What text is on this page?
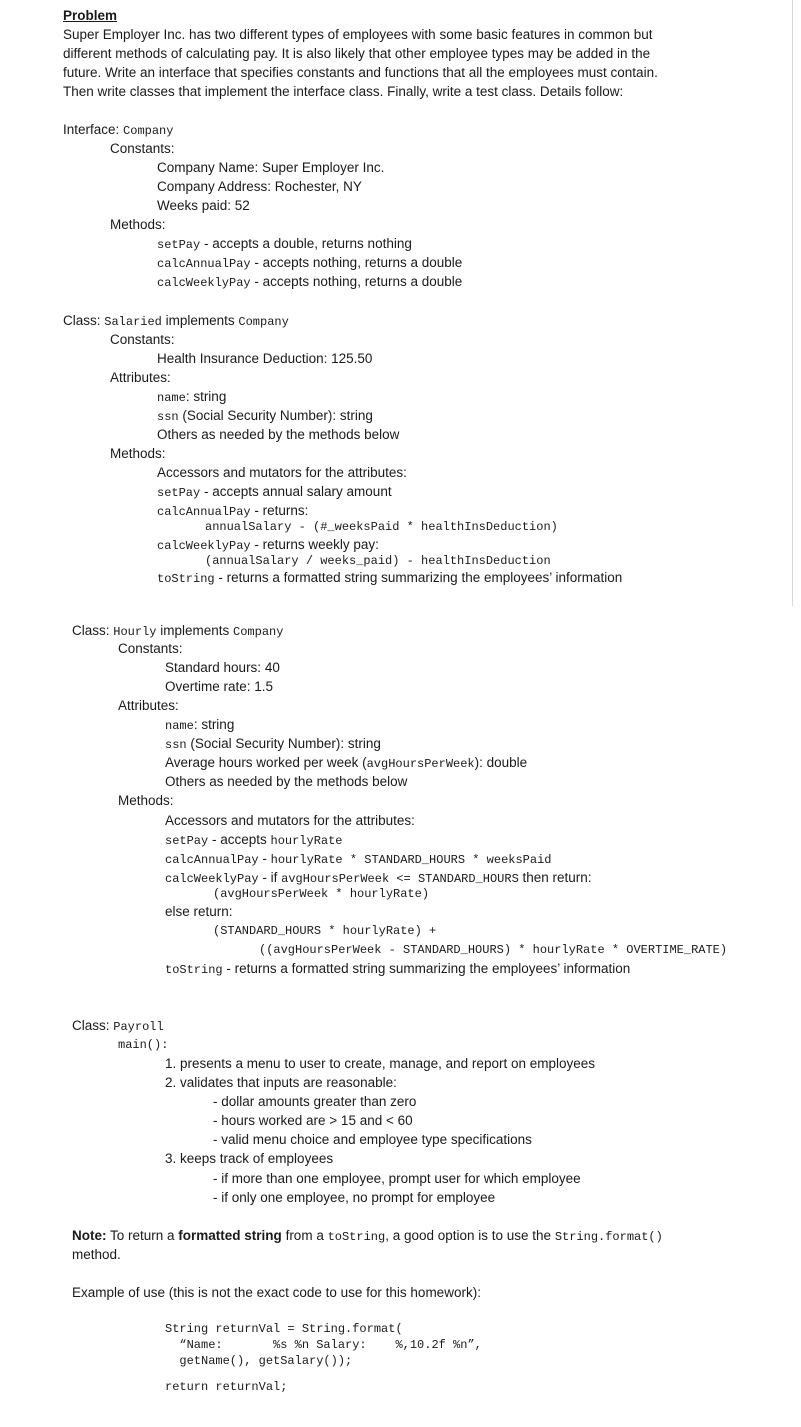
Problem
Super Employer Inc. has two different types of employees with some basic features in common but
different methods of calculating pay. It is also likely that other employee types may be added in the
future. Write an interface that specifies constants and functions that all the employees must contain.
Then write classes that implement the interface class. Finally, write a test class. Details follow:
Interface: Company
Constants:
Company Name: Super Employer Inc.
Company Address: Rochester, NY
Weeks paid: 52
Methods:
setPay - accepts a double, returns nothing
calcAnnualPay - accepts nothing, returns a double
calcWeeklyPay - accepts nothing, returns a double
Class: Salaried implements Company
Constants:
Health Insurance Deduction: 125.50
Attributes:
name: string
ssn (Social Security Number): string
Others as needed by the methods below
Methods:
Accessors and mutators for the attributes:
setPay - accepts annual salary amount
calcAnnualPay - returns:
annualSalary - (#_weeksPaid * healthInsDeduction)
calcWeeklyPay - returns weekly pay:
(annualSalary / weeks_paid) - healthInsDeduction
toString - returns a formatted string summarizing the employees’ information
Class: Hourly implements Company
Constants:
Standard hours: 40
Overtime rate: 1.5
Attributes:
name: string
ssn (Social Security Number): string
Average hours worked per week (avgHoursPerWeek): double
Others as needed by the methods below
Methods:
Accessors and mutators for the attributes:
setPay - accepts hourlyRate
calcAnnualPay - hourlyRate * STANDARD_HOURS * weeksPaid
calcWeeklyPay - if avgHoursPerWeek <= STANDARD_HOURS then return:
(avgHoursPerWeek * hourlyRate)
else return:
(STANDARD_HOURS * hourlyRate) +
((avgHoursPerWeek - STANDARD_HOURS) * hourlyRate * OVERTIME_RATE)
toString - returns a formatted string summarizing the employees’ information
Class: Payroll
main():
1. presents a menu to user to create, manage, and report on employees
2. validates that inputs are reasonable:
- dollar amounts greater than zero
- hours worked are > 15 and < 60
- valid menu choice and employee type specifications
3. keeps track of employees
- if more than one employee, prompt user for which employee
- if only one employee, no prompt for employee
Note: To return a formatted string from a toString, a good option is to use the String.format()
method.
Example of use (this is not the exact code to use for this homework):
String returnVal = String.format(
“Name:       %s %n Salary:    %,10.2f %n”,
getName(), getSalary());
return returnVal;
